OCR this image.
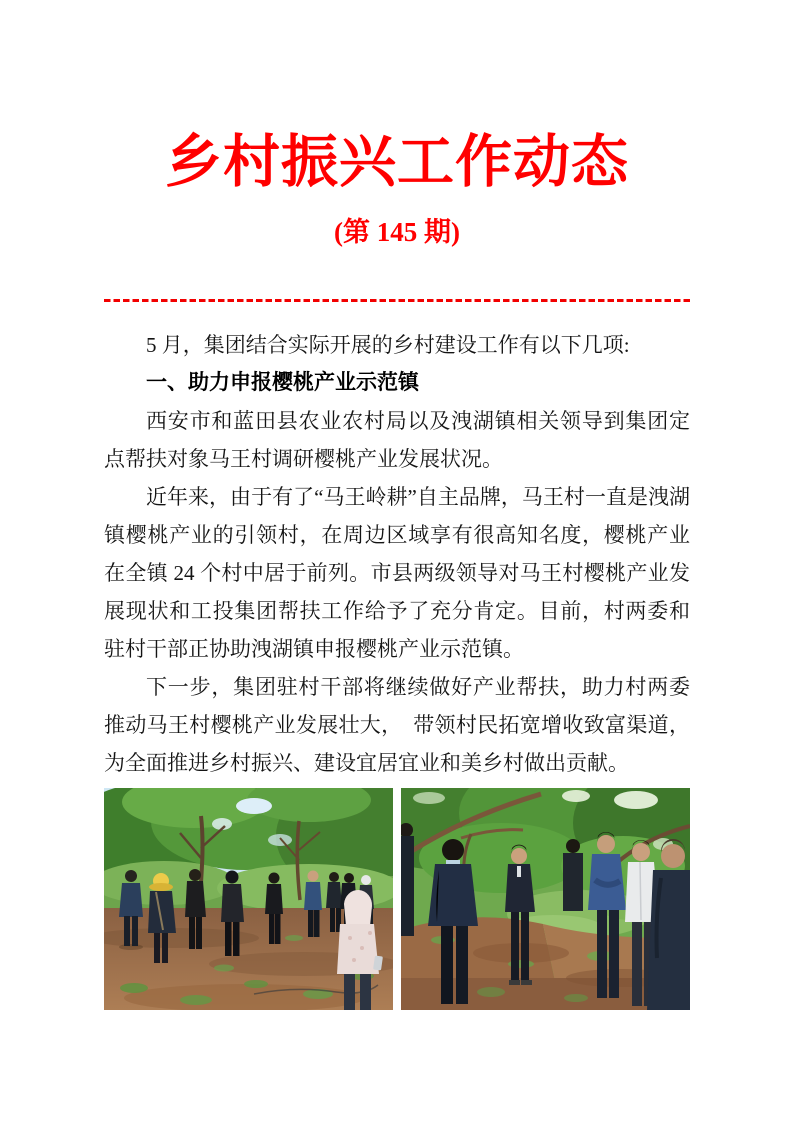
乡村振兴工作动态
(第 145 期)

5 月，集团结合实际开展的乡村建设工作有以下几项:

一、助力申报樱桃产业示范镇

西安市和蓝田县农业农村局以及洩湖镇相关领导到集团定点帮扶对象马王村调研樱桃产业发展状况。

近年来，由于有了“马王岭耕”自主品牌，马王村一直是洩湖镇樱桃产业的引领村，在周边区域享有很高知名度，樱桃产业在全镇 24 个村中居于前列。市县两级领导对马王村樱桃产业发展现状和工投集团帮扶工作给予了充分肯定。目前，村两委和驻村干部正协助洩湖镇申报樱桃产业示范镇。

下一步，集团驻村干部将继续做好产业帮扶，助力村两委推动马王村樱桃产业发展壮大，　带领村民拓宽增收致富渠道，为全面推进乡村振兴、建设宜居宜业和美乡村做出贡献。
